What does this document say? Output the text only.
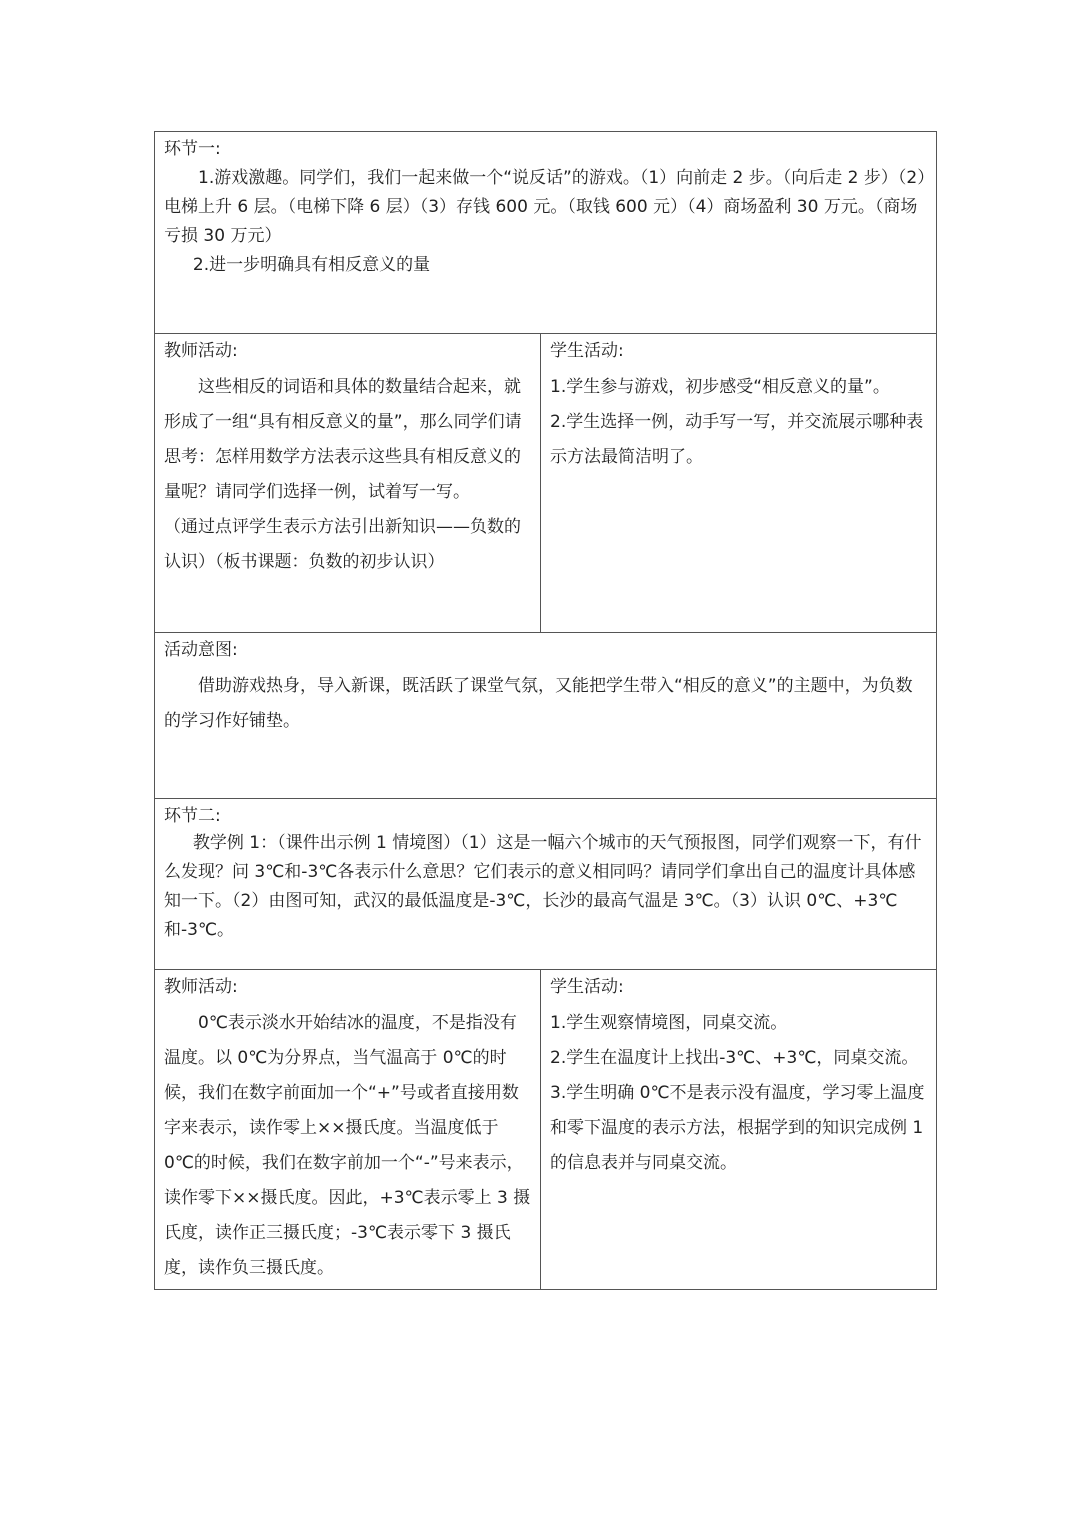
环节一:

1.游戏激趣。同学们，我们一起来做一个“说反话”的游戏。（1）向前走 2 步。（向后走 2 步）（2）电梯上升 6 层。（电梯下降 6 层）（3）存钱 600 元。（取钱 600 元）（4）商场盈利 30 万元。（商场亏损 30 万元）

2.进一步明确具有相反意义的量

教师活动:

这些相反的词语和具体的数量结合起来，就形成了一组“具有相反意义的量”，那么同学们请思考：怎样用数学方法表示这些具有相反意义的量呢？请同学们选择一例，试着写一写。

（通过点评学生表示方法引出新知识——负数的认识）（板书课题：负数的初步认识）

学生活动:

1.学生参与游戏，初步感受“相反意义的量”。

2.学生选择一例，动手写一写，并交流展示哪种表示方法最简洁明了。

活动意图:

借助游戏热身，导入新课，既活跃了课堂气氛，又能把学生带入“相反的意义”的主题中，为负数的学习作好铺垫。

环节二:

教学例 1：（课件出示例 1 情境图）（1）这是一幅六个城市的天气预报图，同学们观察一下，有什么发现？问 3℃和-3℃各表示什么意思？它们表示的意义相同吗？请同学们拿出自己的温度计具体感知一下。（2）由图可知，武汉的最低温度是-3℃，长沙的最高气温是 3℃。（3）认识 0℃、+3℃和-3℃。

教师活动:

0℃表示淡水开始结冰的温度，不是指没有温度。以 0℃为分界点，当气温高于 0℃的时候，我们在数字前面加一个“+”号或者直接用数字来表示，读作零上××摄氏度。当温度低于 0℃的时候，我们在数字前加一个“-”号来表示，读作零下××摄氏度。因此，+3℃表示零上 3 摄氏度，读作正三摄氏度；-3℃表示零下 3 摄氏度，读作负三摄氏度。

学生活动:

1.学生观察情境图，同桌交流。

2.学生在温度计上找出-3℃、+3℃，同桌交流。

3.学生明确 0℃不是表示没有温度，学习零上温度和零下温度的表示方法，根据学到的知识完成例 1 的信息表并与同桌交流。
